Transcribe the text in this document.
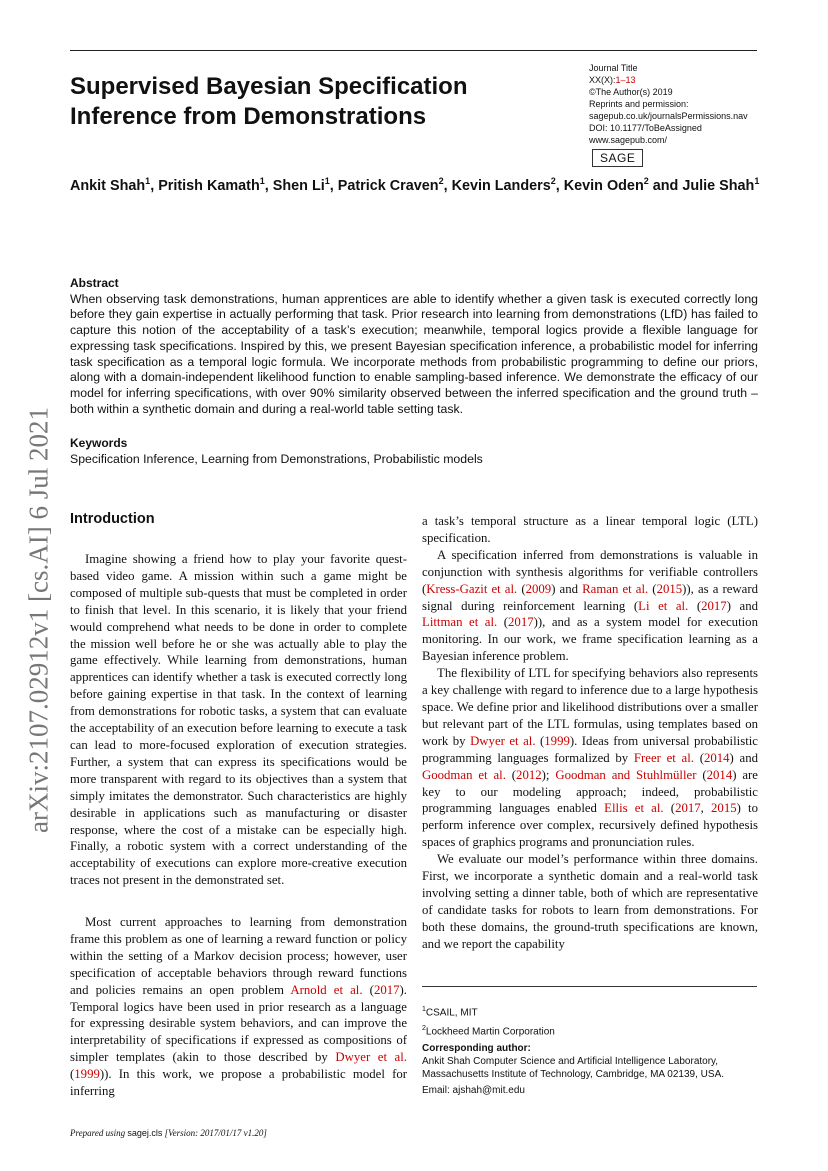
arXiv:2107.02912v1 [cs.AI] 6 Jul 2021
Supervised Bayesian Specification Inference from Demonstrations
Journal Title
XX(X):1–13
©The Author(s) 2019
Reprints and permission:
sagepub.co.uk/journalsPermissions.nav
DOI: 10.1177/ToBeAssigned
www.sagepub.com/
SAGE
Ankit Shah$^1$, Pritish Kamath$^1$, Shen Li$^1$, Patrick Craven$^2$, Kevin Landers$^2$, Kevin Oden$^2$ and Julie Shah$^1$
Abstract
When observing task demonstrations, human apprentices are able to identify whether a given task is executed correctly long before they gain expertise in actually performing that task. Prior research into learning from demonstrations (LfD) has failed to capture this notion of the acceptability of a task’s execution; meanwhile, temporal logics provide a flexible language for expressing task specifications. Inspired by this, we present Bayesian specification inference, a probabilistic model for inferring task specification as a temporal logic formula. We incorporate methods from probabilistic programming to define our priors, along with a domain-independent likelihood function to enable sampling-based inference. We demonstrate the efficacy of our model for inferring specifications, with over 90% similarity observed between the inferred specification and the ground truth – both within a synthetic domain and during a real-world table setting task.
Keywords
Specification Inference, Learning from Demonstrations, Probabilistic models
Introduction

Imagine showing a friend how to play your favorite quest-based video game. A mission within such a game might be composed of multiple sub-quests that must be completed in order to finish that level. In this scenario, it is likely that your friend would comprehend what needs to be done in order to complete the mission well before he or she was actually able to play the game effectively. While learning from demonstrations, human apprentices can identify whether a task is executed correctly long before gaining expertise in that task. In the context of learning from demonstrations for robotic tasks, a system that can evaluate the acceptability of an execution before learning to execute a task can lead to more-focused exploration of execution strategies. Further, a system that can express its specifications would be more transparent with regard to its objectives than a system that simply imitates the demonstrator. Such characteristics are highly desirable in applications such as manufacturing or disaster response, where the cost of a mistake can be especially high. Finally, a robotic system with a correct understanding of the acceptability of executions can explore more-creative execution traces not present in the demonstrated set.

Most current approaches to learning from demonstration frame this problem as one of learning a reward function or policy within the setting of a Markov decision process; however, user specification of acceptable behaviors through reward functions and policies remains an open problem Arnold et al. (2017). Temporal logics have been used in prior research as a language for expressing desirable system behaviors, and can improve the interpretability of specifications if expressed as compositions of simpler templates (akin to those described by Dwyer et al. (1999)). In this work, we propose a probabilistic model for inferring

a task’s temporal structure as a linear temporal logic (LTL) specification.

A specification inferred from demonstrations is valuable in conjunction with synthesis algorithms for verifiable controllers (Kress-Gazit et al. (2009) and Raman et al. (2015)), as a reward signal during reinforcement learning (Li et al. (2017) and Littman et al. (2017)), and as a system model for execution monitoring. In our work, we frame specification learning as a Bayesian inference problem.

The flexibility of LTL for specifying behaviors also represents a key challenge with regard to inference due to a large hypothesis space. We define prior and likelihood distributions over a smaller but relevant part of the LTL formulas, using templates based on work by Dwyer et al. (1999). Ideas from universal probabilistic programming languages formalized by Freer et al. (2014) and Goodman et al. (2012); Goodman and Stuhlmüller (2014) are key to our modeling approach; indeed, probabilistic programming languages enabled Ellis et al. (2017, 2015) to perform inference over complex, recursively defined hypothesis spaces of graphics programs and pronunciation rules.

We evaluate our model’s performance within three domains. First, we incorporate a synthetic domain and a real-world task involving setting a dinner table, both of which are representative of candidate tasks for robots to learn from demonstrations. For both these domains, the ground-truth specifications are known, and we report the capability

$^1$CSAIL, MIT
$^2$Lockheed Martin Corporation
Corresponding author:
Ankit Shah Computer Science and Artificial Intelligence Laboratory, Massachusetts Institute of Technology, Cambridge, MA 02139, USA.
Email: ajshah@mit.edu
Prepared using sagej.cls [Version: 2017/01/17 v1.20]
